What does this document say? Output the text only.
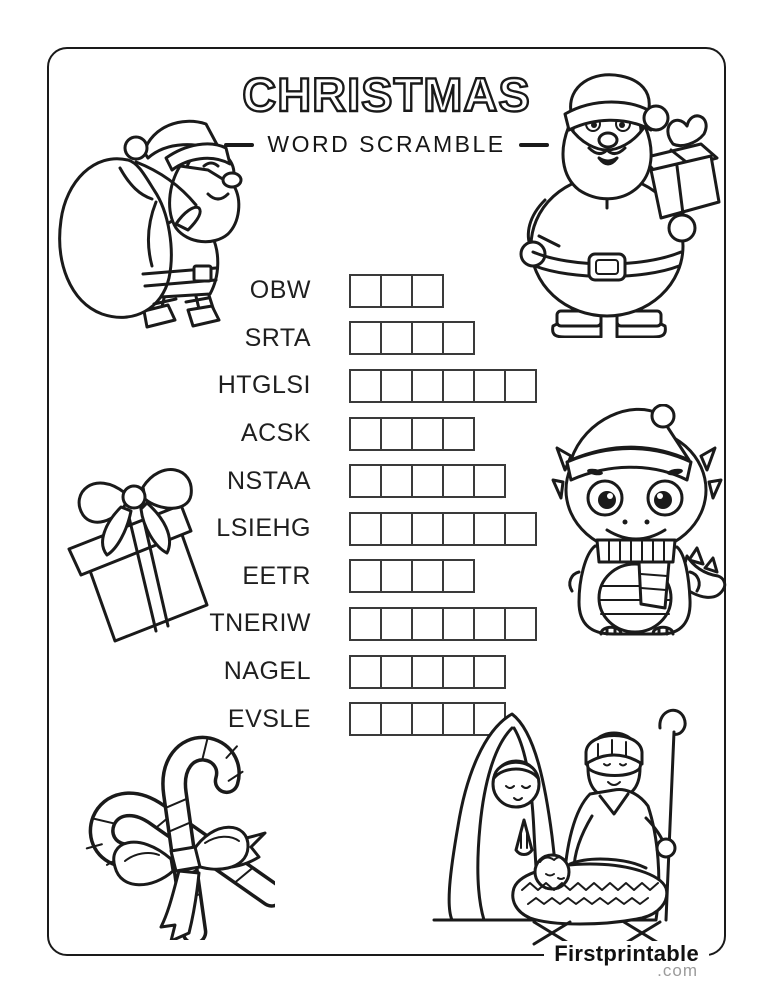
CHRISTMAS
WORD SCRAMBLE
OBW
SRTA
HTGLSI
ACSK
NSTAA
LSIEHG
EETR
TNERIW
NAGEL
EVSLE
Firstprintable
.com
